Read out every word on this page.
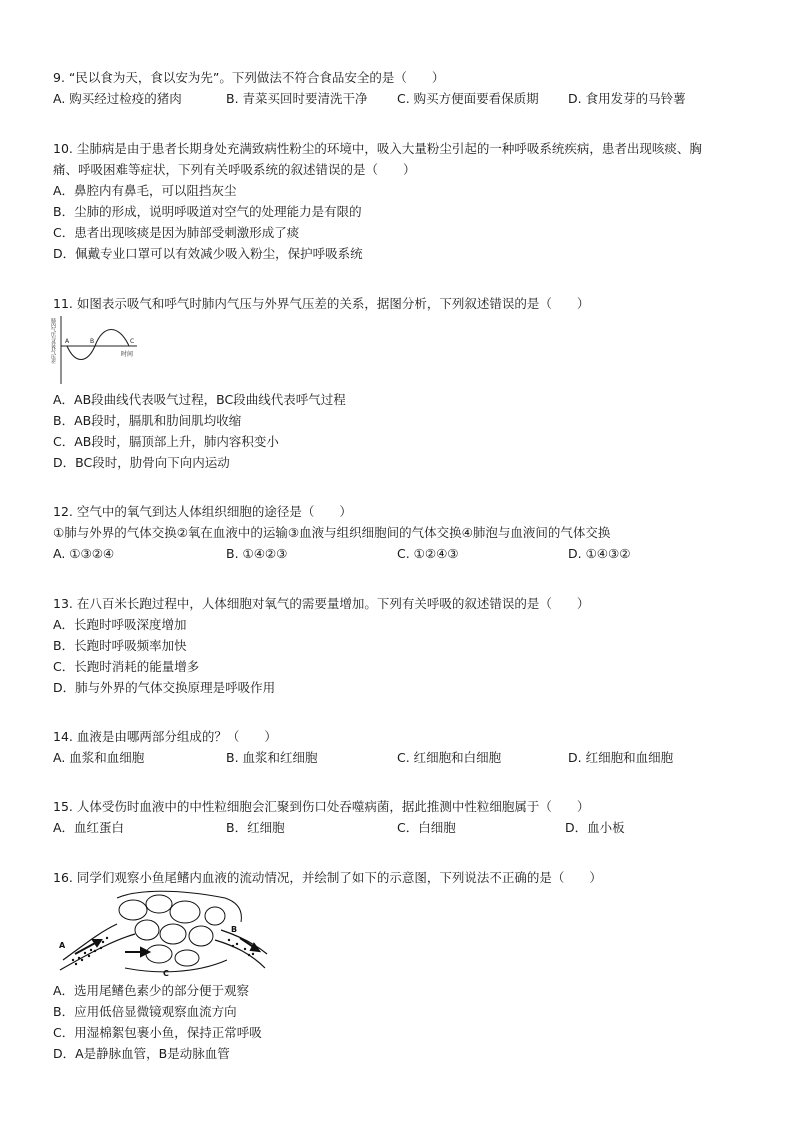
9. “民以食为天，食以安为先”。下列做法不符合食品安全的是（　　）
A. 购买经过检疫的猪肉	B. 青菜买回时要清洗干净 C. 购买方便面要看保质期 D. 食用发芽的马铃薯
10. 尘肺病是由于患者长期身处充满致病性粉尘的环境中，吸入大量粉尘引起的一种呼吸系统疾病，患者出现咳痰、胸
痛、呼吸困难等症状，下列有关呼吸系统的叙述错误的是（　　）
A．鼻腔内有鼻毛，可以阻挡灰尘
B．尘肺的形成，说明呼吸道对空气的处理能力是有限的
C．患者出现咳痰是因为肺部受刺激形成了痰
D．佩戴专业口罩可以有效减少吸入粉尘，保护呼吸系统
11. 如图表示吸气和呼气时肺内气压与外界气压差的关系，据图分析，下列叙述错误的是（　　）
A	B	C
时间
肺内气压与外界气压差
A．AB段曲线代表吸气过程，BC段曲线代表呼气过程
B．AB段时，膈肌和肋间肌均收缩
C．AB段时，膈顶部上升，肺内容积变小
D．BC段时，肋骨向下向内运动
12. 空气中的氧气到达人体组织细胞的途径是（　　）
①肺与外界的气体交换②氧在血液中的运输③血液与组织细胞间的气体交换④肺泡与血液间的气体交换
A. ①③②④	B. ①④②③	C. ①②④③	D. ①④③②
13. 在八百米长跑过程中，人体细胞对氧气的需要量增加。下列有关呼吸的叙述错误的是（　　）
A．长跑时呼吸深度增加
B．长跑时呼吸频率加快
C．长跑时消耗的能量增多
D．肺与外界的气体交换原理是呼吸作用
14. 血液是由哪两部分组成的？（　　）
A. 血浆和血细胞	B. 血浆和红细胞	C. 红细胞和白细胞	D. 红细胞和血细胞
15. 人体受伤时血液中的中性粒细胞会汇聚到伤口处吞噬病菌，据此推测中性粒细胞属于（　　）
A．血红蛋白	B．红细胞	C．白细胞	D．血小板
16. 同学们观察小鱼尾鳍内血液的流动情况，并绘制了如下的示意图，下列说法不正确的是（　　）
A
B
C
A．选用尾鳍色素少的部分便于观察
B．应用低倍显微镜观察血流方向
C．用湿棉絮包裹小鱼，保持正常呼吸
D．A是静脉血管，B是动脉血管
